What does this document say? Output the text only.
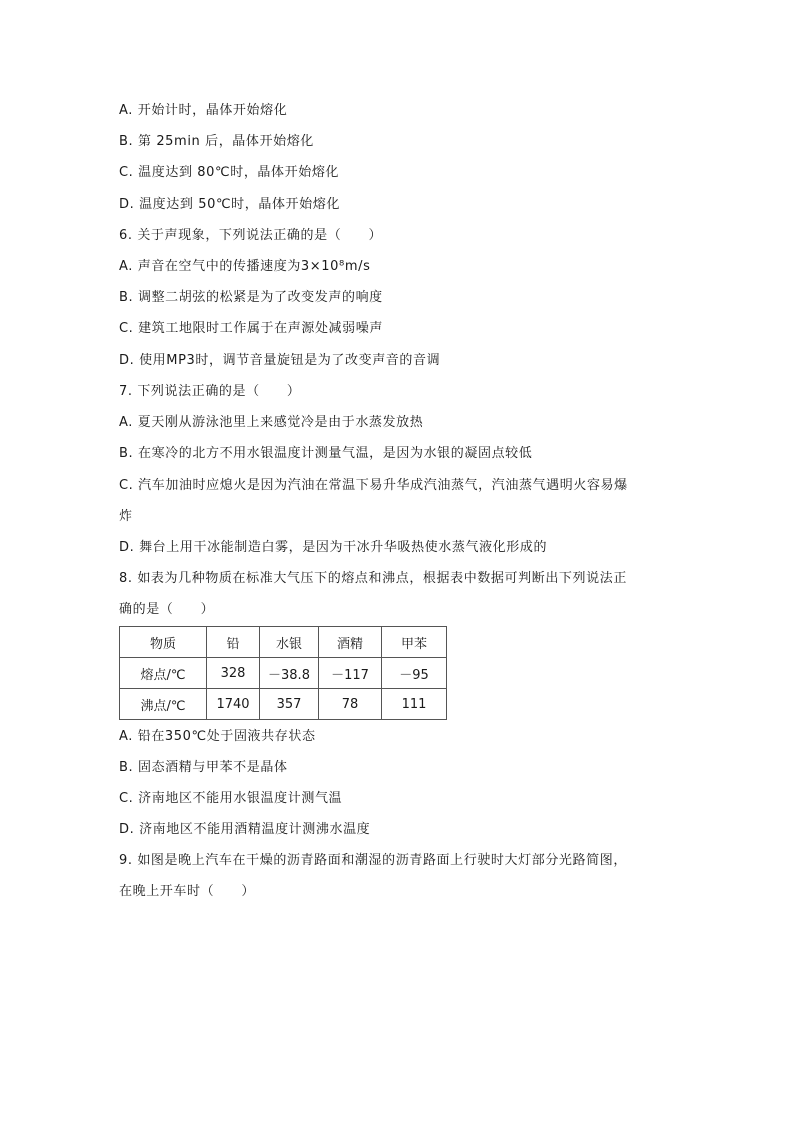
A. 开始计时，晶体开始熔化
B. 第 25min 后，晶体开始熔化
C. 温度达到 80℃时，晶体开始熔化
D. 温度达到 50℃时，晶体开始熔化
6. 关于声现象，下列说法正确的是（　　）
A. 声音在空气中的传播速度为3×10⁸m/s
B. 调整二胡弦的松紧是为了改变发声的响度
C. 建筑工地限时工作属于在声源处减弱噪声
D. 使用MP3时，调节音量旋钮是为了改变声音的音调
7. 下列说法正确的是（　　）
A. 夏天刚从游泳池里上来感觉冷是由于水蒸发放热
B. 在寒冷的北方不用水银温度计测量气温，是因为水银的凝固点较低
C. 汽车加油时应熄火是因为汽油在常温下易升华成汽油蒸气，汽油蒸气遇明火容易爆
炸
D. 舞台上用干冰能制造白雾，是因为干冰升华吸热使水蒸气液化形成的
8. 如表为几种物质在标准大气压下的熔点和沸点，根据表中数据可判断出下列说法正
确的是（　　）
物质	铅	水银	酒精	甲苯
熔点/℃	328	－38.8	－117	－95
沸点/℃	1740	357	78	111
A. 铅在350℃处于固液共存状态
B. 固态酒精与甲苯不是晶体
C. 济南地区不能用水银温度计测气温
D. 济南地区不能用酒精温度计测沸水温度
9. 如图是晚上汽车在干燥的沥青路面和潮湿的沥青路面上行驶时大灯部分光路简图，
在晚上开车时（　　）
